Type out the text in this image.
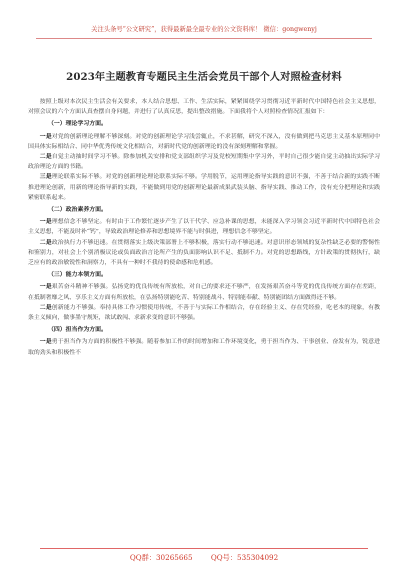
关注头条号“公文研究”，获得最新最全最专业的公文资料库！ 微信：gongwenyj
2023年主题教育专题民主生活会党员干部个人对照检查材料

按照上级对本次民主生活会有关要求，本人结合思想、工作、生活实际，紧紧围绕学习贯彻习近平新时代中国特色社会主义思想，对照会议的六个方面认真查摆自身问题，并进行了认真反思，提出整改措施。下面我将个人对照检查情况汇报如下：

（一）理论学习方面。

一是对党的创新理论理解不够深刻。对党的创新理论学习浅尝辄止，不求甚解，研究不深入，没有做到把马克思主义基本原理同中国具体实际相结合、同中华优秀传统文化相结合，对新时代党的创新理论的没有深刻理解和掌握。

二是自觉主动抽时间学习不够。除参加机关安排和党支部组织学习及党校短期集中学习外，平时自己很少能自觉主动抽出实际学习政治理论方面的书籍。

三是理论联系实际不够。对党的创新理论理论联系实际不够。学用脱节，运用理论指导实践的意识不强，不善于结合新的实践不断推进理论创新，用新的理论指导新的实践，不能做到用党的创新理论最新成果武装头脑、指导实践、推动工作，没有充分把理论和实践紧密联系起来。

（二）政治素养方面。

一是理想信念不够坚定。有时由于工作繁忙逐步产生了以干代学、应急补课的思想，未能深入学习领会习近平新时代中国特色社会主义思想，不能及时补“钙”，导致政治理论修养和思想境界不能与时俱进，理想信念不够坚定。

二是政治执行力不够迅速。在贯彻落实上级决策部署上不够积极，落实行动不够迅速。对意识形态领域的复杂性缺乏必要的警惕性和鉴别力，对社会上个别消极议论或负面政治言论所产生的负面影响认识不足、抵制不力。对党的思想路线，方针政策的贯彻执行，缺乏应有的政治敏锐性和洞察力，不具有一种时不我待的使命感和危机感。

（三）能力本领方面。

一是艰苦奋斗精神不够强。弘扬党的优良传统有所放松，对自己的要求还不够严，在发扬艰苦奋斗等党的优良传统方面存在差距，在抵制奢靡之风、享乐主义方面有所放松，在弘扬特别能吃苦、特别能战斗、特别能奉献、特别能团结方面做得还不够。

二是创新能力不够强。奉持具体工作习惯使用传统，不善于与实际工作相结合，存在经验主义、存在凭经验，吃老本的现象，有教条主义倾向，做事墨守规矩，欲试敢闯、求新求变的意识不够强。

（四）担当作为方面。

一是勇于担当作为方面的积极性不够强。随着参加工作的时间增加和工作环境变化，勇于担当作为、干事创业、奋发有为，锐意进取的劲头和积极性不

QQ群：30265665	QQ号：535304092
